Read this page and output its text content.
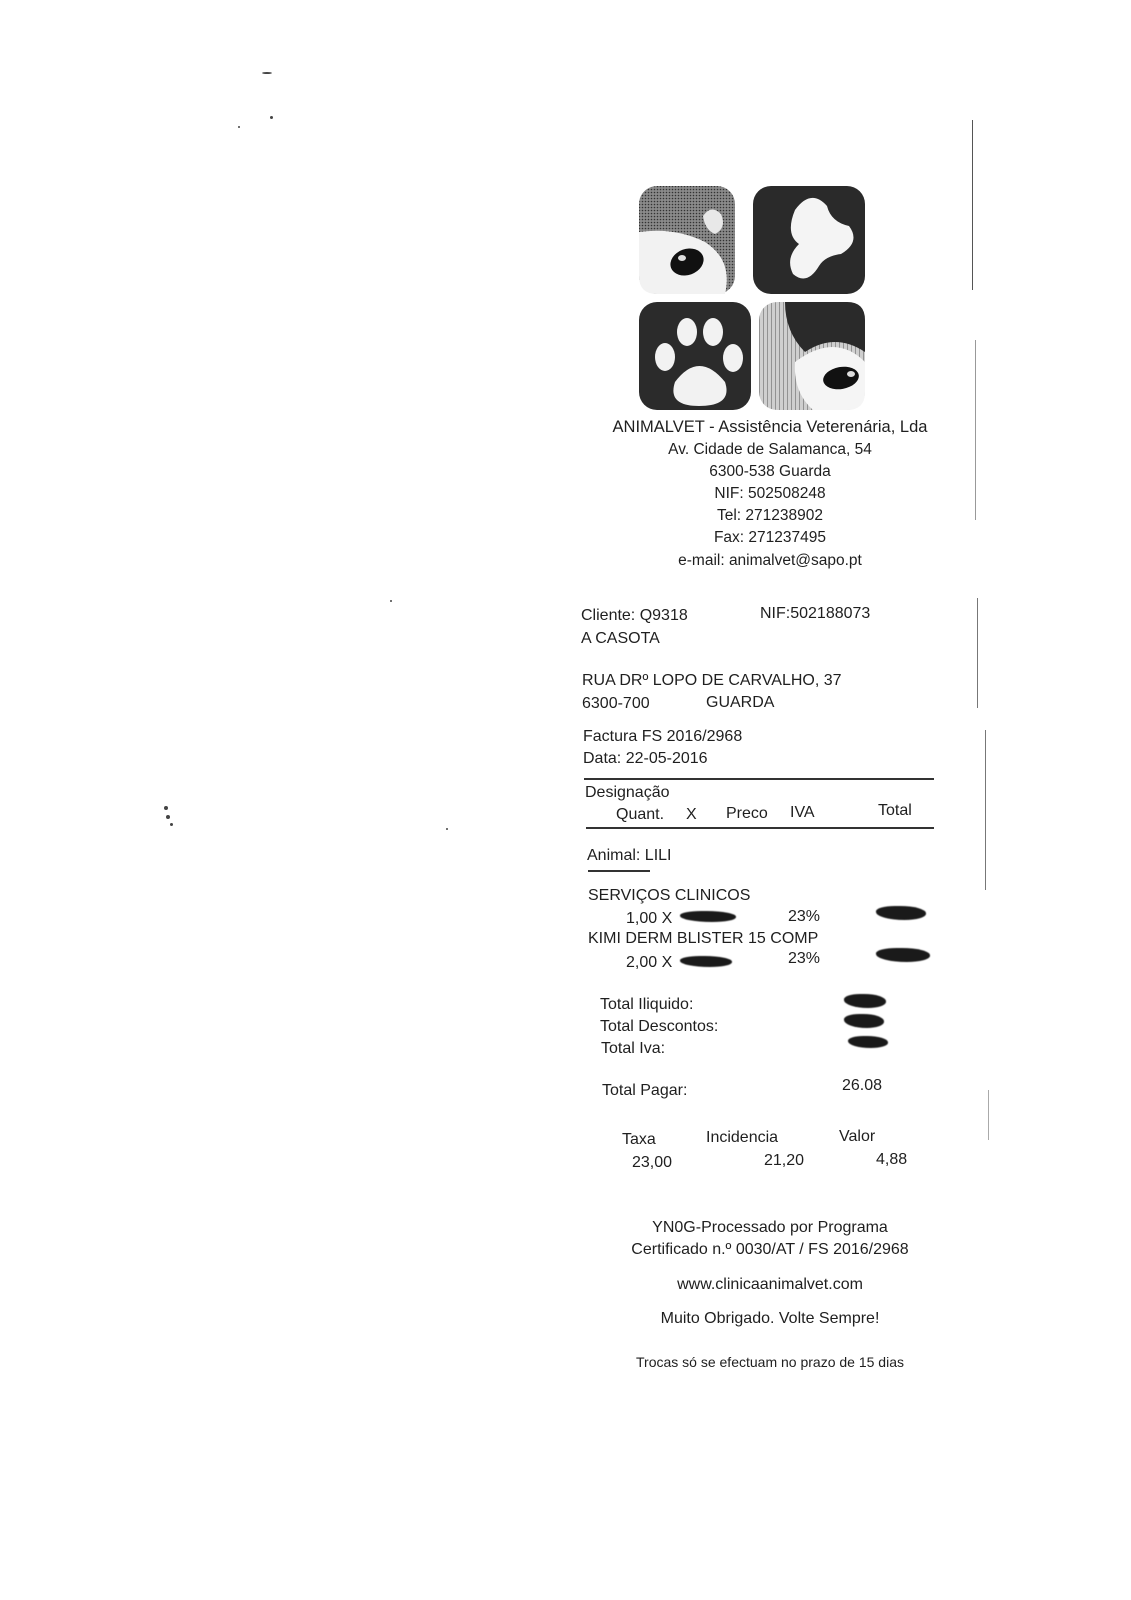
ANIMALVET - Assistência Veterenária, Lda
Av. Cidade de Salamanca, 54
6300-538 Guarda
NIF: 502508248
Tel: 271238902
Fax: 271237495
e-mail: animalvet@sapo.pt
Cliente: Q9318	NIF:502188073
A CASOTA
RUA DRº LOPO DE CARVALHO, 37
6300-700	GUARDA
Factura FS 2016/2968
Data: 22-05-2016
Designação
Quant. X Preco IVA	Total
Animal: LILI
SERVIÇOS CLINICOS
1,00 X	23%
KIMI DERM BLISTER 15 COMP
2,00 X	23%
Total Iliquido:
Total Descontos:
Total Iva:
Total Pagar:	26.08
Taxa	Incidencia	Valor
23,00	21,20	4,88
YN0G-Processado por Programa
Certificado n.º 0030/AT / FS 2016/2968
www.clinicaanimalvet.com
Muito Obrigado. Volte Sempre!
Trocas só se efectuam no prazo de 15 dias
